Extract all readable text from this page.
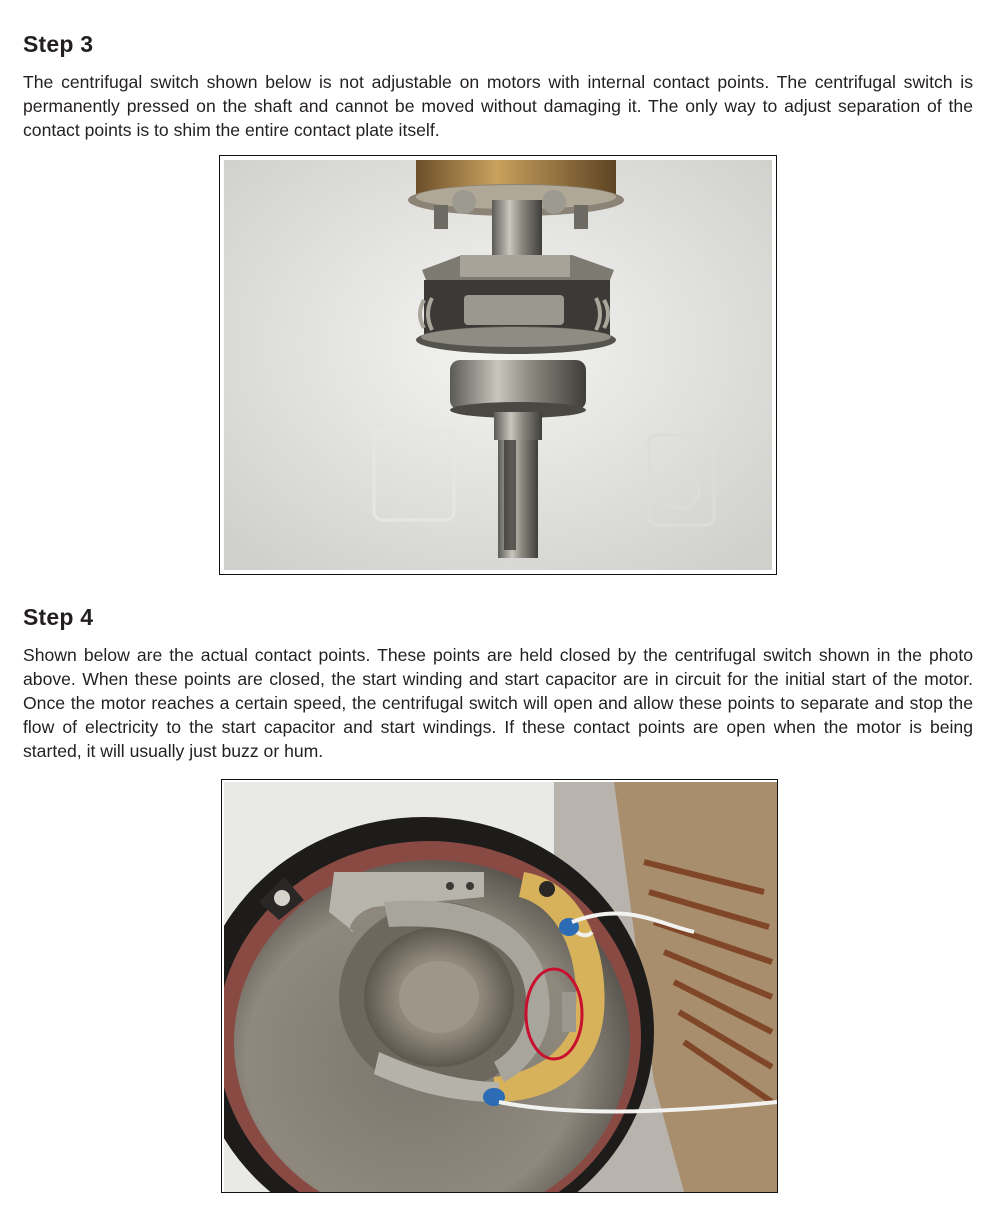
Step 3

The centrifugal switch shown below is not adjustable on motors with internal contact points. The centrifugal switch is permanently pressed on the shaft and cannot be moved without damaging it. The only way to adjust separation of the contact points is to shim the entire contact plate itself.

Step 4

Shown below are the actual contact points. These points are held closed by the centrifugal switch shown in the photo above. When these points are closed, the start winding and start capacitor are in circuit for the initial start of the motor. Once the motor reaches a certain speed, the centrifugal switch will open and allow these points to separate and stop the flow of electricity to the start capacitor and start windings. If these contact points are open when the motor is being started, it will usually just buzz or hum.
